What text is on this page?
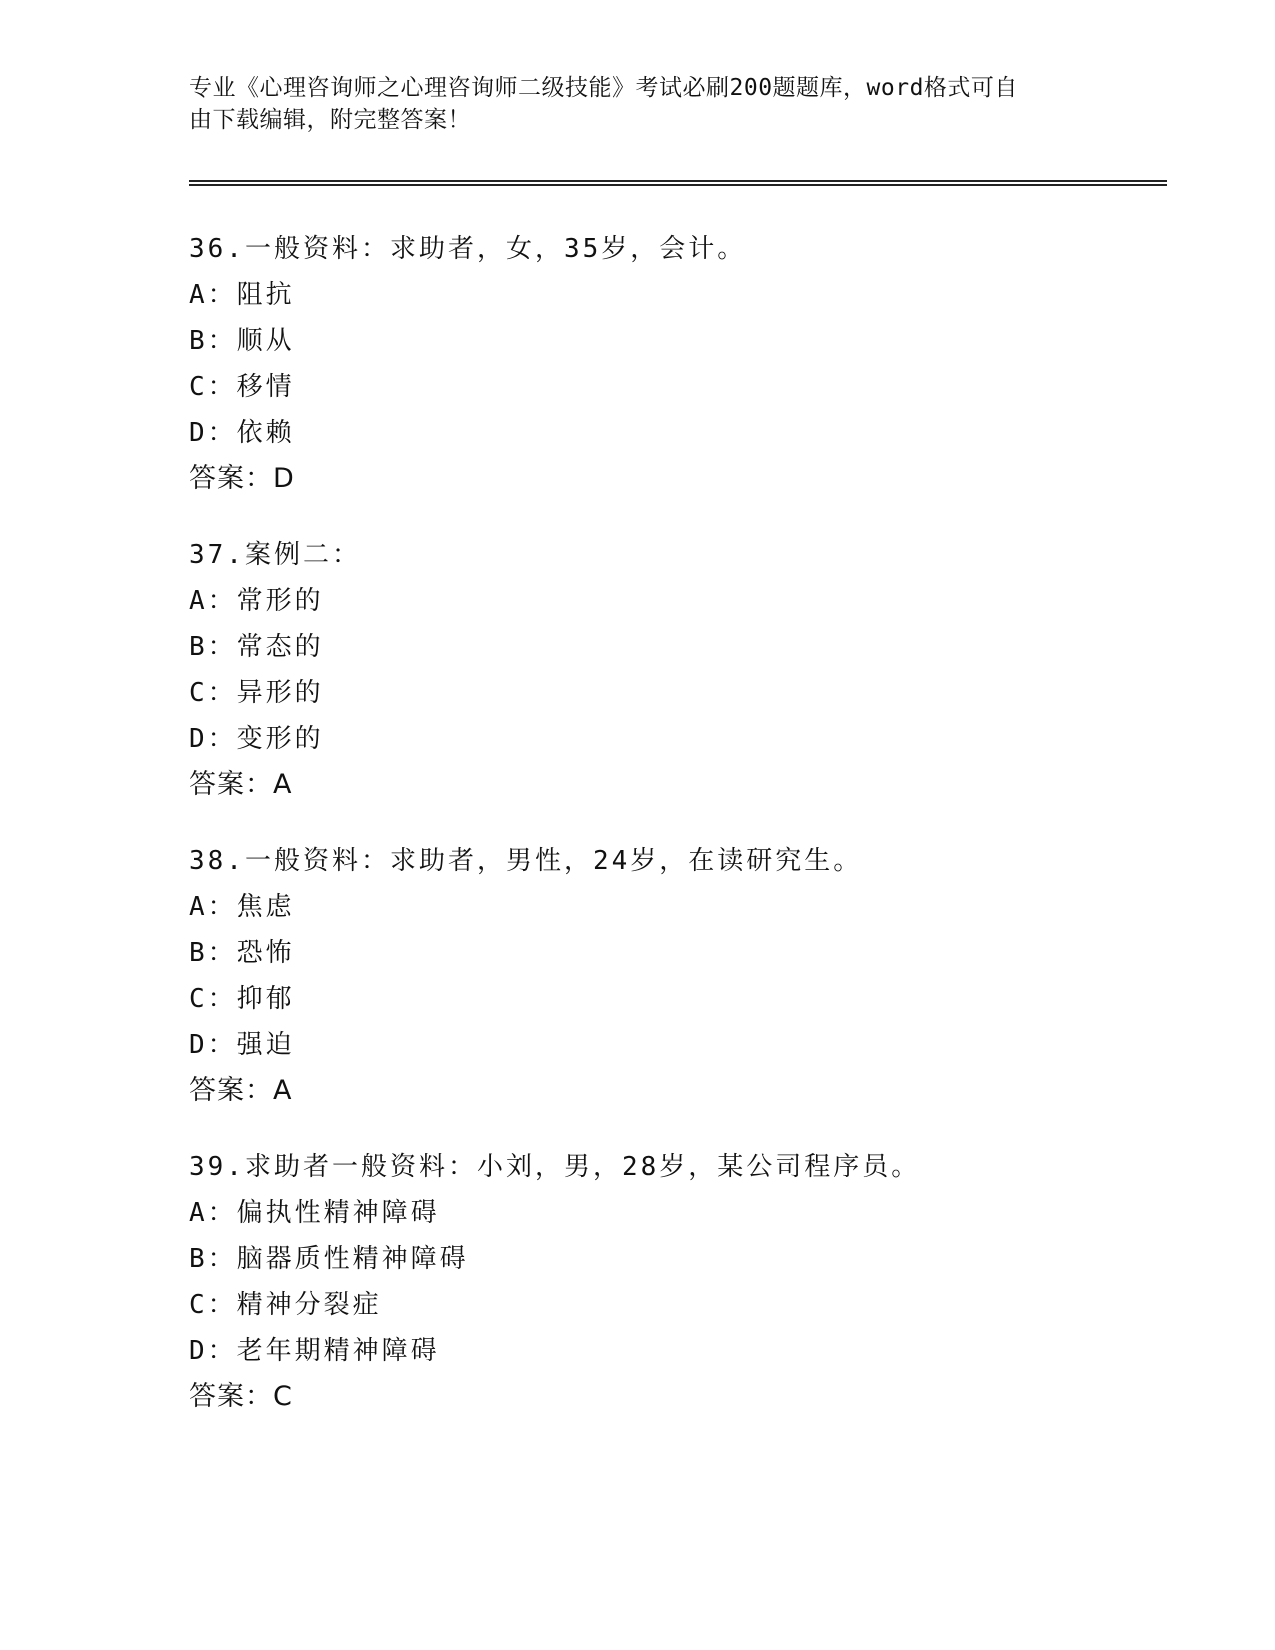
专业《心理咨询师之心理咨询师二级技能》考试必刷200题题库，word格式可自
由下载编辑，附完整答案！
36.一般资料：求助者，女，35岁，会计。
A：阻抗
B：顺从
C：移情
D：依赖
答案：D
37.案例二：
A：常形的
B：常态的
C：异形的
D：变形的
答案：A
38.一般资料：求助者，男性，24岁，在读研究生。
A：焦虑
B：恐怖
C：抑郁
D：强迫
答案：A
39.求助者一般资料：小刘，男，28岁，某公司程序员。
A：偏执性精神障碍
B：脑器质性精神障碍
C：精神分裂症
D：老年期精神障碍
答案：C
